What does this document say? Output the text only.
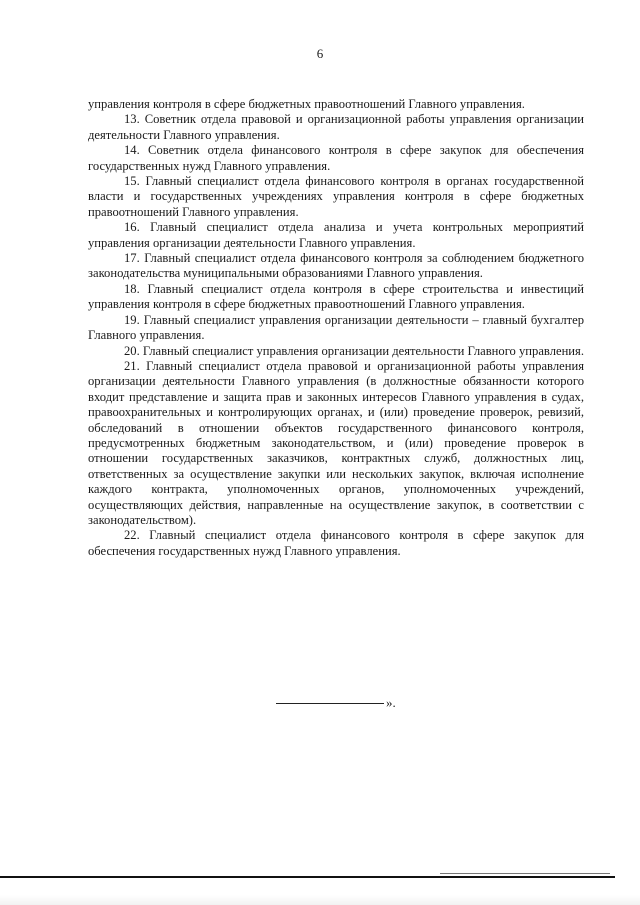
6

управления контроля в сфере бюджетных правоотношений Главного управления.

13. Советник отдела правовой и организационной работы управления организации деятельности Главного управления.

14. Советник отдела финансового контроля в сфере закупок для обеспечения государственных нужд Главного управления.

15. Главный специалист отдела финансового контроля в органах государственной власти и государственных учреждениях управления контроля в сфере бюджетных правоотношений Главного управления.

16. Главный специалист отдела анализа и учета контрольных мероприятий управления организации деятельности Главного управления.

17. Главный специалист отдела финансового контроля за соблюдением бюджетного законодательства муниципальными образованиями Главного управления.

18. Главный специалист отдела контроля в сфере строительства и инвестиций управления контроля в сфере бюджетных правоотношений Главного управления.

19. Главный специалист управления организации деятельности – главный бухгалтер Главного управления.

20. Главный специалист управления организации деятельности Главного управления.

21. Главный специалист отдела правовой и организационной работы управления организации деятельности Главного управления (в должностные обязанности которого входит представление и защита прав и законных интересов Главного управления в судах, правоохранительных и контролирующих органах, и (или) проведение проверок, ревизий, обследований в отношении объектов государственного финансового контроля, предусмотренных бюджетным законодательством, и (или) проведение проверок в отношении государственных заказчиков, контрактных служб, должностных лиц, ответственных за осуществление закупки или нескольких закупок, включая исполнение каждого контракта, уполномоченных органов, уполномоченных учреждений, осуществляющих действия, направленные на осуществление закупок, в соответствии с законодательством).

22. Главный специалист отдела финансового контроля в сфере закупок для обеспечения государственных нужд Главного управления.

».
